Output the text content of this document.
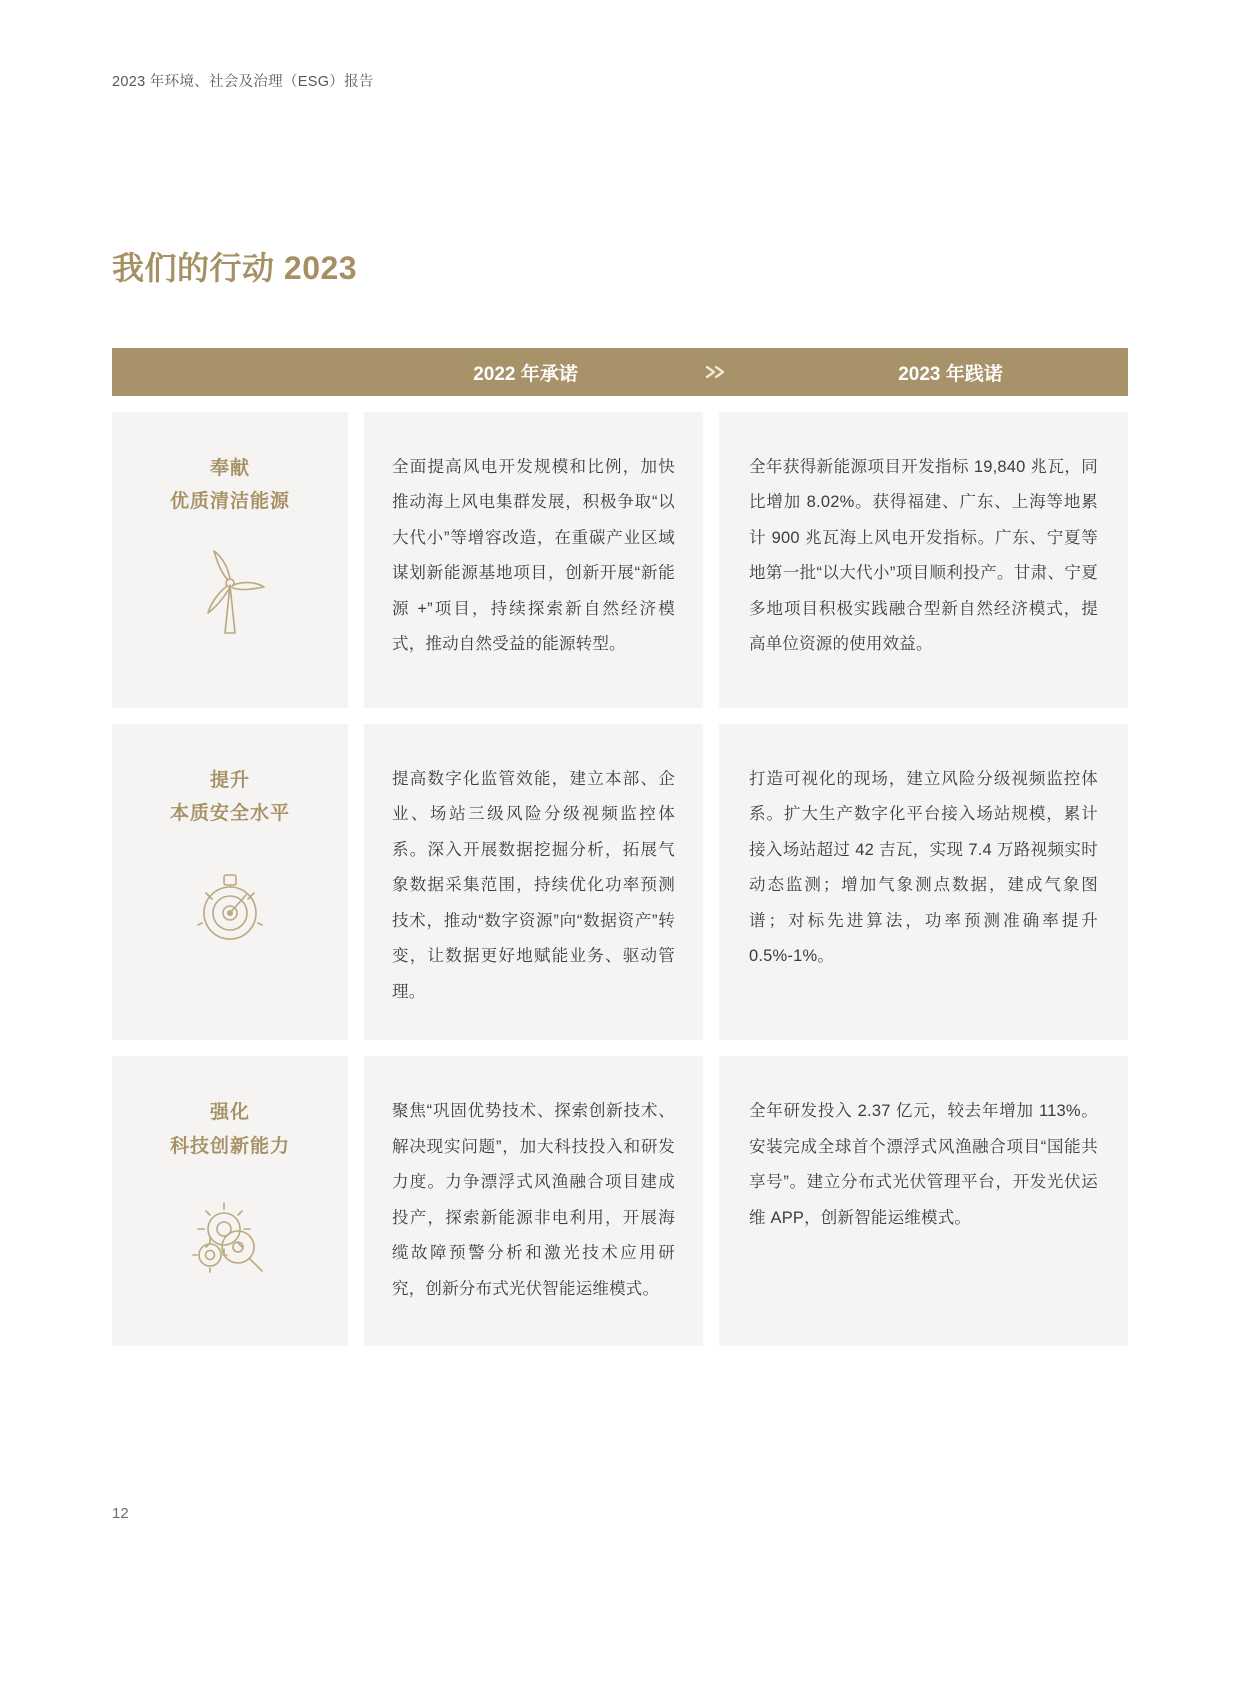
2023 年环境、社会及治理（ESG）报告
我们的行动 2023
2022 年承诺	2023 年践诺
奉献
优质清洁能源
全面提高风电开发规模和比例，加快推动海上风电集群发展，积极争取“以大代小”等增容改造，在重碳产业区域谋划新能源基地项目，创新开展“新能源 +”项目，持续探索新自然经济模式，推动自然受益的能源转型。
全年获得新能源项目开发指标 19,840 兆瓦，同比增加 8.02%。获得福建、广东、上海等地累计 900 兆瓦海上风电开发指标。广东、宁夏等地第一批“以大代小”项目顺利投产。甘肃、宁夏多地项目积极实践融合型新自然经济模式，提高单位资源的使用效益。
提升
本质安全水平
提高数字化监管效能，建立本部、企业、场站三级风险分级视频监控体系。深入开展数据挖掘分析，拓展气象数据采集范围，持续优化功率预测技术，推动“数字资源”向“数据资产”转变，让数据更好地赋能业务、驱动管理。
打造可视化的现场，建立风险分级视频监控体系。扩大生产数字化平台接入场站规模，累计接入场站超过 42 吉瓦，实现 7.4 万路视频实时动态监测；增加气象测点数据，建成气象图谱；对标先进算法，功率预测准确率提升 0.5%-1%。
强化
科技创新能力
聚焦“巩固优势技术、探索创新技术、解决现实问题”，加大科技投入和研发力度。力争漂浮式风渔融合项目建成投产，探索新能源非电利用，开展海缆故障预警分析和激光技术应用研究，创新分布式光伏智能运维模式。
全年研发投入 2.37 亿元，较去年增加 113%。安装完成全球首个漂浮式风渔融合项目“国能共享号”。建立分布式光伏管理平台，开发光伏运维 APP，创新智能运维模式。
12
